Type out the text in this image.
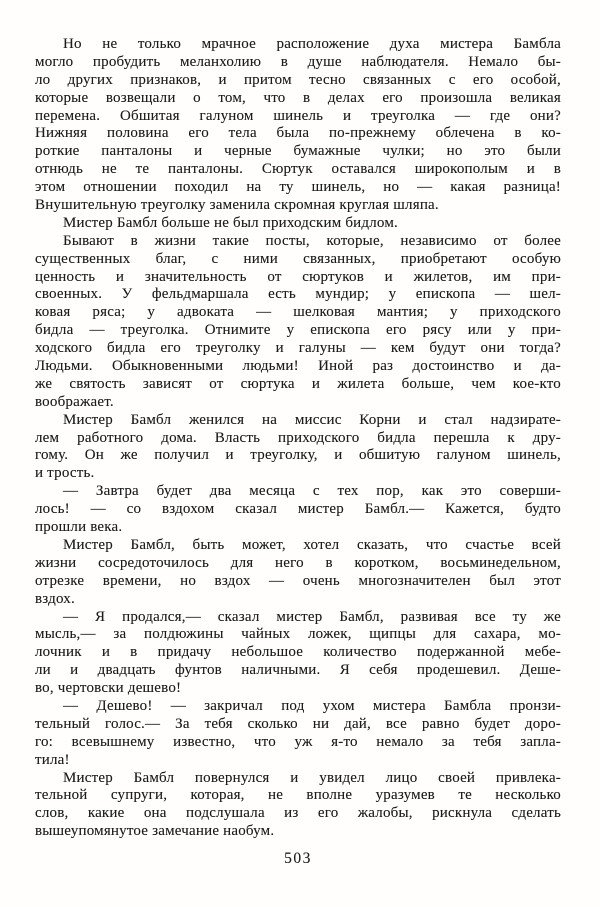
Но не только мрачное расположение духа мистера Бамбла
могло пробудить меланхолию в душе наблюдателя. Немало бы-
ло других признаков, и притом тесно связанных с его особой,
которые возвещали о том, что в делах его произошла великая
перемена. Обшитая галуном шинель и треуголка — где они?
Нижняя половина его тела была по-прежнему облечена в ко-
роткие панталоны и черные бумажные чулки; но это были
отнюдь не те панталоны. Сюртук оставался широкополым и в
этом отношении походил на ту шинель, но — какая разница!
Внушительную треуголку заменила скромная круглая шляпа.
Мистер Бамбл больше не был приходским бидлом.
Бывают в жизни такие посты, которые, независимо от более
существенных благ, с ними связанных, приобретают особую
ценность и значительность от сюртуков и жилетов, им при-
своенных. У фельдмаршала есть мундир; у епископа — шел-
ковая ряса; у адвоката — шелковая мантия; у приходского
бидла — треуголка. Отнимите у епископа его рясу или у при-
ходского бидла его треуголку и галуны — кем будут они тогда?
Людьми. Обыкновенными людьми! Иной раз достоинство и да-
же святость зависят от сюртука и жилета больше, чем кое-кто
воображает.
Мистер Бамбл женился на миссис Корни и стал надзирате-
лем работного дома. Власть приходского бидла перешла к дру-
гому. Он же получил и треуголку, и обшитую галуном шинель,
и трость.
— Завтра будет два месяца с тех пор, как это соверши-
лось! — со вздохом сказал мистер Бамбл.— Кажется, будто
прошли века.
Мистер Бамбл, быть может, хотел сказать, что счастье всей
жизни сосредоточилось для него в коротком, восьминедельном,
отрезке времени, но вздох — очень многозначителен был этот
вздох.
— Я продался,— сказал мистер Бамбл, развивая все ту же
мысль,— за полдюжины чайных ложек, щипцы для сахара, мо-
лочник и в придачу небольшое количество подержанной мебе-
ли и двадцать фунтов наличными. Я себя продешевил. Деше-
во, чертовски дешево!
— Дешево! — закричал под ухом мистера Бамбла пронзи-
тельный голос.— За тебя сколько ни дай, все равно будет доро-
го: всевышнему известно, что уж я-то немало за тебя запла-
тила!
Мистер Бамбл повернулся и увидел лицо своей привлека-
тельной супруги, которая, не вполне уразумев те несколько
слов, какие она подслушала из его жалобы, рискнула сделать
вышеупомянутое замечание наобум.
503
